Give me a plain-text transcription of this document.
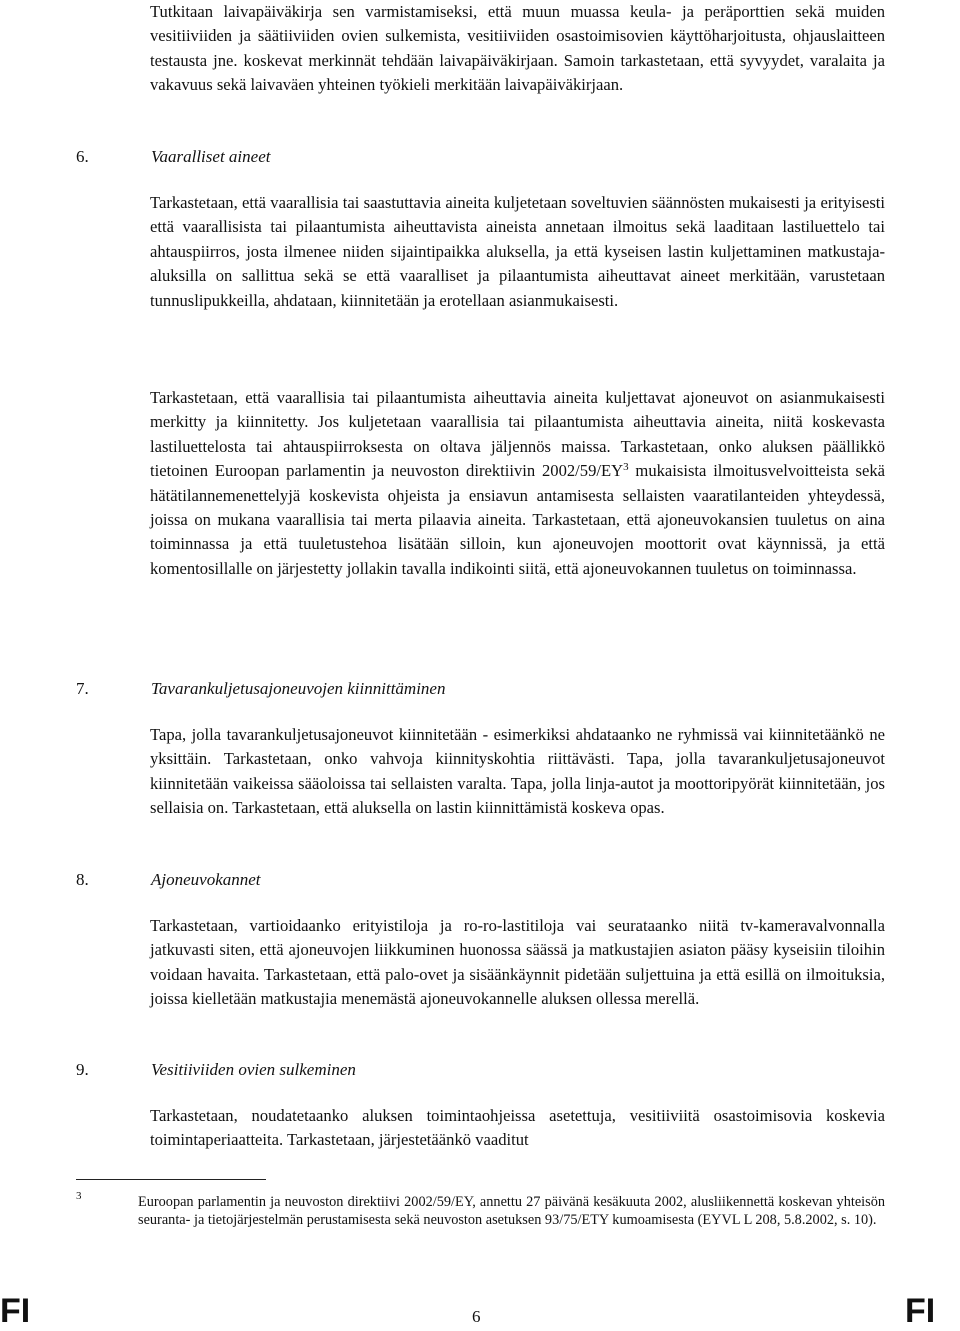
Tutkitaan laivapäiväkirja sen varmistamiseksi, että muun muassa keula- ja peräporttien sekä muiden vesitiiviiden ja säätiiviiden ovien sulkemista, vesitiiviiden osastoimisovien käyttöharjoitusta, ohjauslaitteen testausta jne. koskevat merkinnät tehdään laivapäiväkirjaan. Samoin tarkastetaan, että syvyydet, varalaita ja vakavuus sekä laivaväen yhteinen työkieli merkitään laivapäiväkirjaan.

6.	Vaaralliset aineet

Tarkastetaan, että vaarallisia tai saastuttavia aineita kuljetetaan soveltuvien säännösten mukaisesti ja erityisesti että vaarallisista tai pilaantumista aiheuttavista aineista annetaan ilmoitus sekä laaditaan lastiluettelo tai ahtauspiirros, josta ilmenee niiden sijaintipaikka aluksella, ja että kyseisen lastin kuljettaminen matkustaja-aluksilla on sallittua sekä se että vaaralliset ja pilaantumista aiheuttavat aineet merkitään, varustetaan tunnuslipukkeilla, ahdataan, kiinnitetään ja erotellaan asianmukaisesti.

Tarkastetaan, että vaarallisia tai pilaantumista aiheuttavia aineita kuljettavat ajoneuvot on asianmukaisesti merkitty ja kiinnitetty. Jos kuljetetaan vaarallisia tai pilaantumista aiheuttavia aineita, niitä koskevasta lastiluettelosta tai ahtauspiirroksesta on oltava jäljennös maissa. Tarkastetaan, onko aluksen päällikkö tietoinen Euroopan parlamentin ja neuvoston direktiivin $2002/59/EY^3$ mukaisista ilmoitusvelvoitteista sekä hätätilannemenettelyjä koskevista ohjeista ja ensiavun antamisesta sellaisten vaaratilanteiden yhteydessä, joissa on mukana vaarallisia tai merta pilaavia aineita. Tarkastetaan, että ajoneuvokansien tuuletus on aina toiminnassa ja että tuuletustehoa lisätään silloin, kun ajoneuvojen moottorit ovat käynnissä, ja että komentosillalle on järjestetty jollakin tavalla indikointi siitä, että ajoneuvokannen tuuletus on toiminnassa.

7.	Tavarankuljetusajoneuvojen kiinnittäminen

Tapa, jolla tavarankuljetusajoneuvot kiinnitetään - esimerkiksi ahdataanko ne ryhmissä vai kiinnitetäänkö ne yksittäin. Tarkastetaan, onko vahvoja kiinnityskohtia riittävästi. Tapa, jolla tavarankuljetusajoneuvot kiinnitetään vaikeissa sääoloissa tai sellaisten varalta. Tapa, jolla linja-autot ja moottoripyörät kiinnitetään, jos sellaisia on. Tarkastetaan, että aluksella on lastin kiinnittämistä koskeva opas.

8.	Ajoneuvokannet

Tarkastetaan, vartioidaanko erityistiloja ja ro-ro-lastitiloja vai seurataanko niitä tv-kameravalvonnalla jatkuvasti siten, että ajoneuvojen liikkuminen huonossa säässä ja matkustajien asiaton pääsy kyseisiin tiloihin voidaan havaita. Tarkastetaan, että palo-ovet ja sisäänkäynnit pidetään suljettuina ja että esillä on ilmoituksia, joissa kielletään matkustajia menemästä ajoneuvokannelle aluksen ollessa merellä.

9.	Vesitiiviiden ovien sulkeminen

Tarkastetaan, noudatetaanko aluksen toimintaohjeissa asetettuja, vesitiiviitä osastoimisovia koskevia toimintaperiaatteita. Tarkastetaan, järjestetäänkö vaaditut

3	Euroopan parlamentin ja neuvoston direktiivi 2002/59/EY, annettu 27 päivänä kesäkuuta 2002, alusliikennettä koskevan yhteisön seuranta- ja tietojärjestelmän perustamisesta sekä neuvoston asetuksen 93/75/ETY kumoamisesta (EYVL L 208, 5.8.2002, s. 10).

FI	6	FI
